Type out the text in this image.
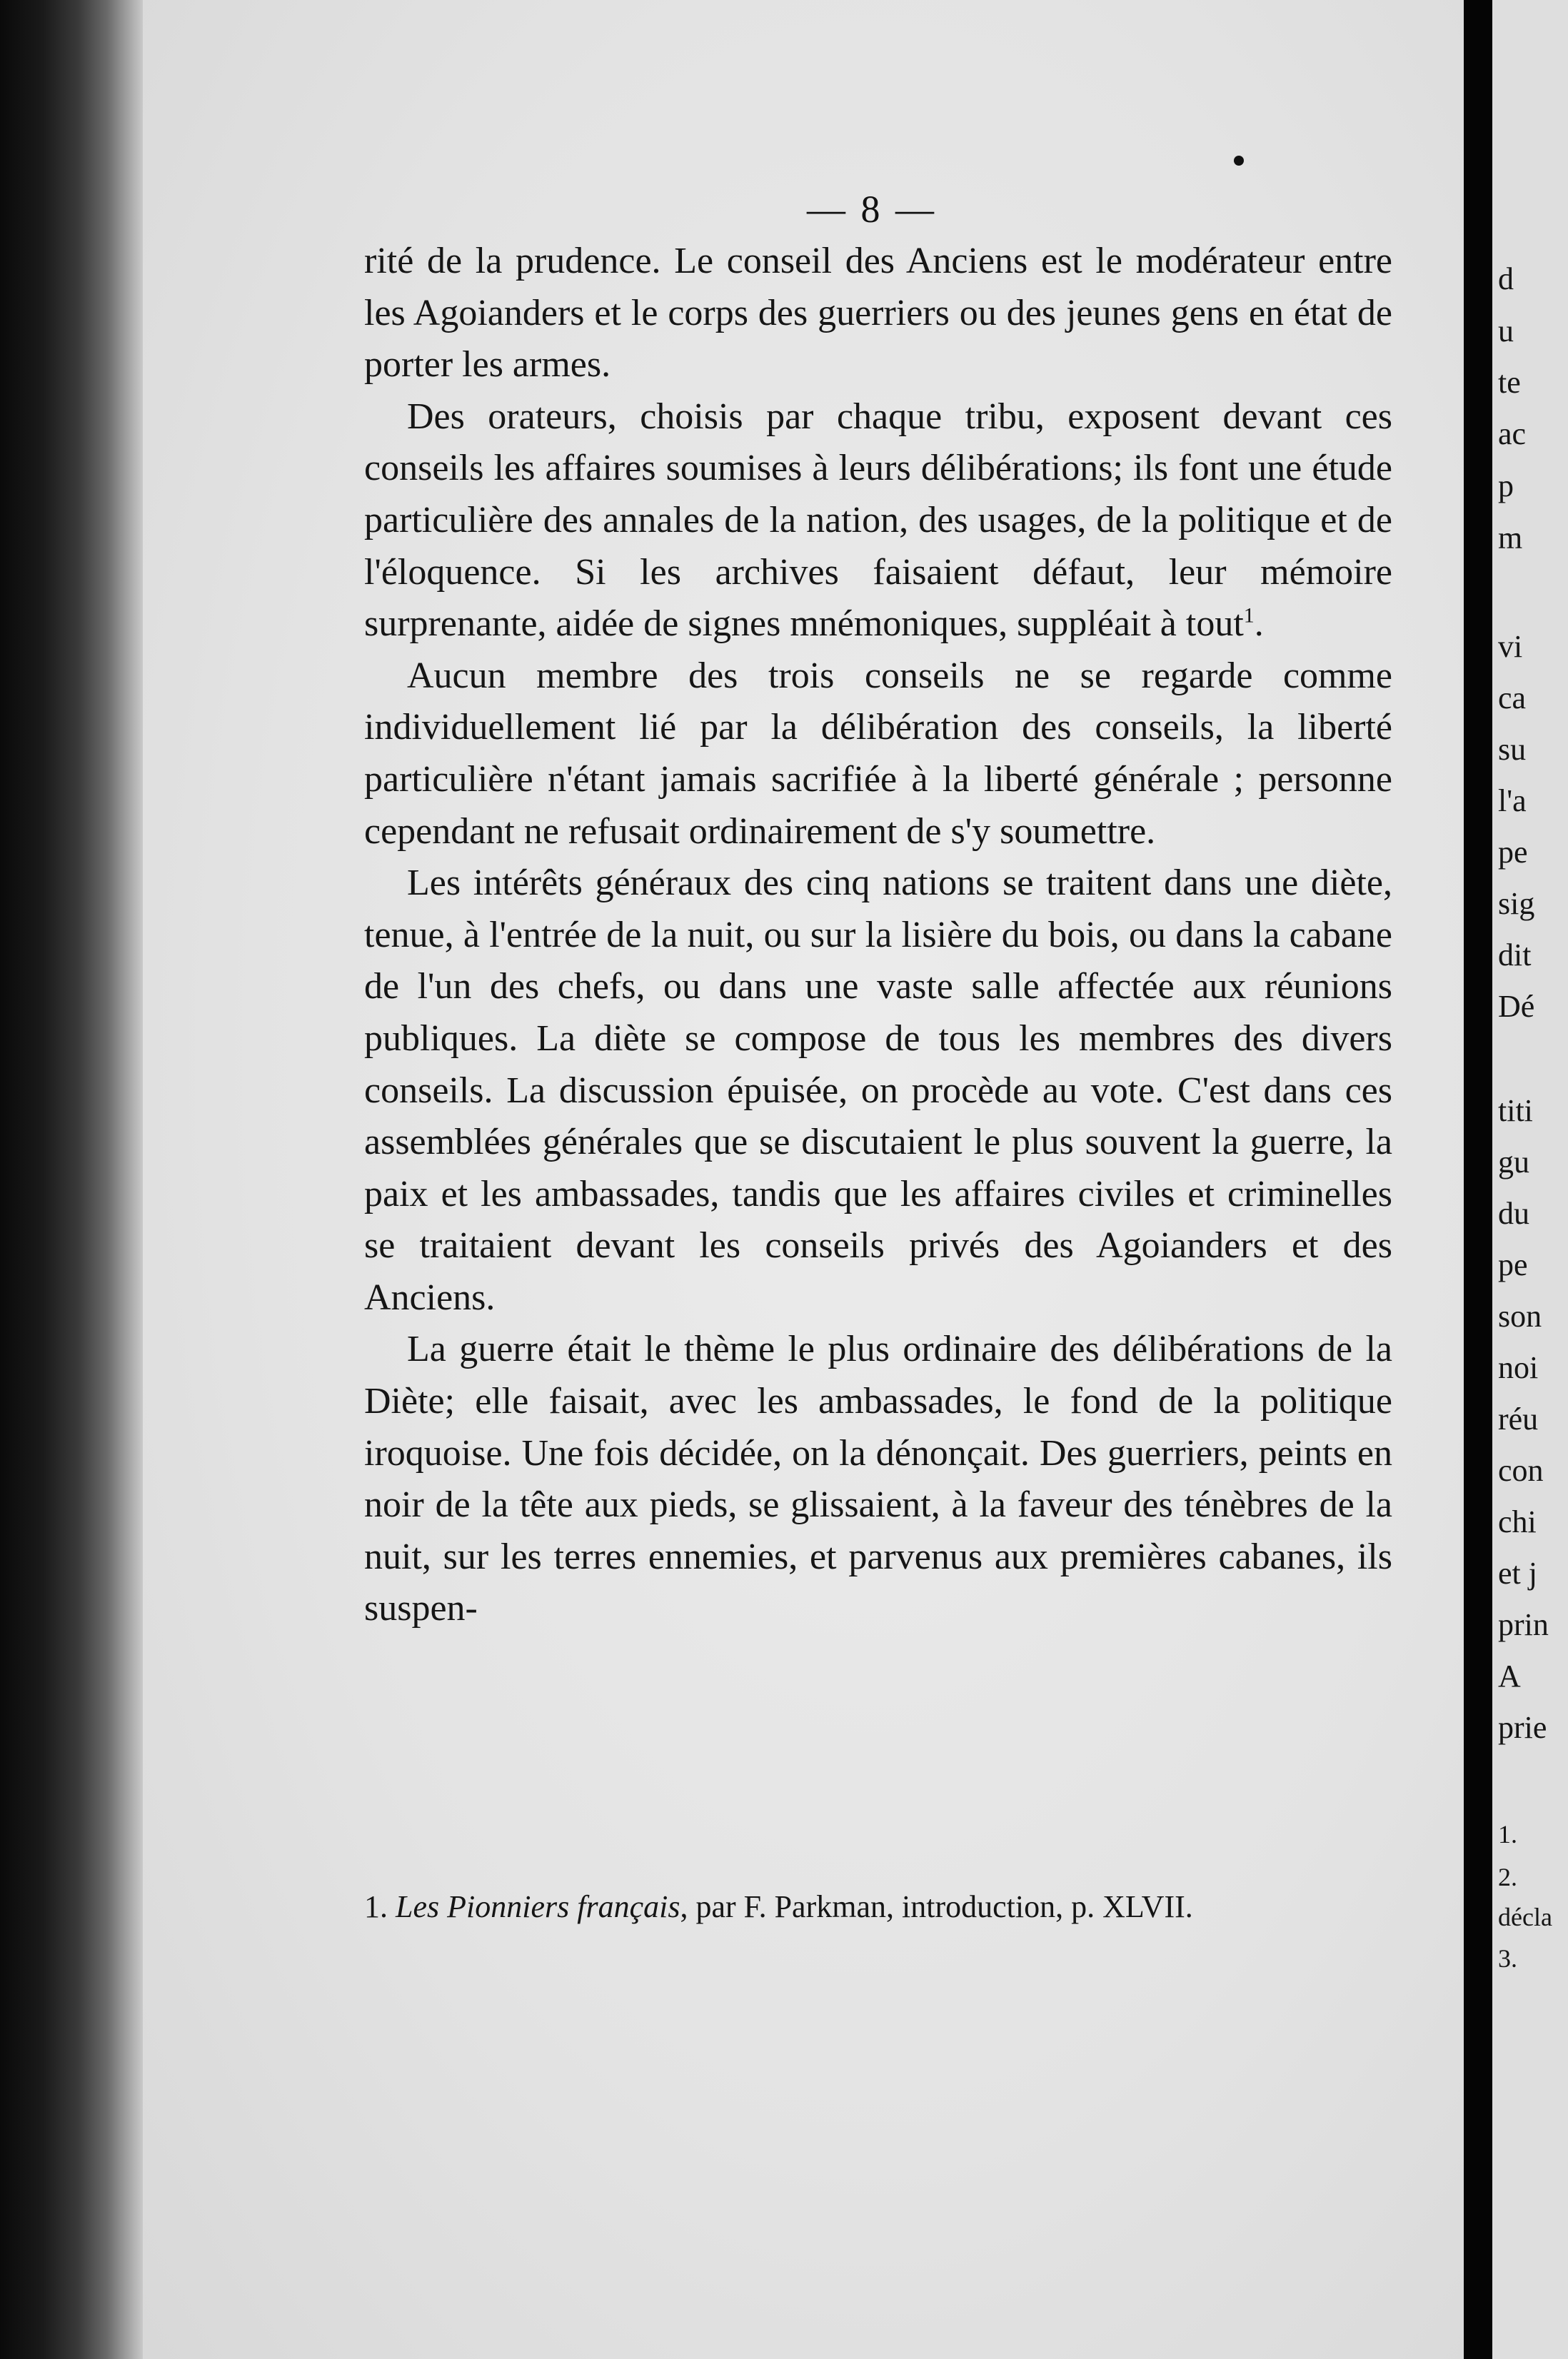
— 8 —

rité de la prudence. Le conseil des Anciens est le modérateur entre les Agoianders et le corps des guerriers ou des jeunes gens en état de porter les armes.

Des orateurs, choisis par chaque tribu, exposent devant ces conseils les affaires soumises à leurs délibérations; ils font une étude particulière des annales de la nation, des usages, de la politique et de l'éloquence. Si les archives faisaient défaut, leur mémoire surprenante, aidée de signes mnémoniques, suppléait à tout$^1$.

Aucun membre des trois conseils ne se regarde comme individuellement lié par la délibération des conseils, la liberté particulière n'étant jamais sacrifiée à la liberté générale ; personne cependant ne refusait ordinairement de s'y soumettre.

Les intérêts généraux des cinq nations se traitent dans une diète, tenue, à l'entrée de la nuit, ou sur la lisière du bois, ou dans la cabane de l'un des chefs, ou dans une vaste salle affectée aux réunions publiques. La diète se compose de tous les membres des divers conseils. La discussion épuisée, on procède au vote. C'est dans ces assemblées générales que se discutaient le plus souvent la guerre, la paix et les ambassades, tandis que les affaires civiles et criminelles se traitaient devant les conseils privés des Agoianders et des Anciens.

La guerre était le thème le plus ordinaire des délibérations de la Diète; elle faisait, avec les ambassades, le fond de la politique iroquoise. Une fois décidée, on la dénonçait. Des guerriers, peints en noir de la tête aux pieds, se glissaient, à la faveur des ténèbres de la nuit, sur les terres ennemies, et parvenus aux premières cabanes, ils suspen-

1. Les Pionniers français, par F. Parkman, introduction, p. XLVII.
d
u
te
ac
p
m
vi
ca
su
l'a
pe
sig
dit
Dé
titi
gu
du
pe
son
noi
réu
con
chi
et j
prin
A
prie
1.
2.
décla
3.
